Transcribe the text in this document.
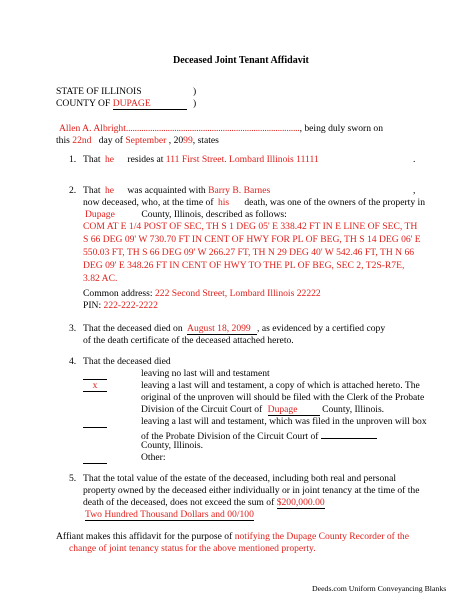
Deceased Joint Tenant Affidavit
STATE OF ILLINOIS	)
COUNTY OF DUPAGE	)
Allen A. Albright..............................................................................., being duly sworn on
this 22nd day of September , 2099, states
1. That he resides at 111 First Street. Lombard Illinois 11111	.
2. That he was acquainted with Barry B. Barnes	,
now deceased, who, at the time of his death, was one of the owners of the property in
Dupage	County, Illinois, described as follows:
COM AT E 1/4 POST OF SEC, TH S 1 DEG 05' E 338.42 FT IN E LINE OF SEC, TH
S 66 DEG 09' W 730.70 FT IN CENT OF HWY FOR PL OF BEG, TH S 14 DEG 06' E
550.03 FT, TH S 66 DEG 09' W 266.27 FT, TH N 29 DEG 40' W 542.46 FT, TH N 66
DEG 09' E 348.26 FT IN CENT OF HWY TO THE PL OF BEG, SEC 2, T2S-R7E,
3.82 AC.
Common address: 222 Second Street, Lombard Illinois 22222
PIN: 222-222-2222
3. That the deceased died on August 18, 2099 , as evidenced by a certified copy
of the death certificate of the deceased attached hereto.
4. That the deceased died
leaving no last will and testament
x	leaving a last will and testament, a copy of which is attached hereto. The
original of the unproven will should be filed with the Clerk of the Probate
Division of the Circuit Court of Dupage	County, Illinois.
leaving a last will and testament, which was filed in the unproven will box
of the Probate Division of the Circuit Court of
County, Illinois.
Other:
5. That the total value of the estate of the deceased, including both real and personal
property owned by the deceased either individually or in joint tenancy at the time of the
death of the deceased, does not exceed the sum of $200,000.00
Two Hundred Thousand Dollars and 00/100
Affiant makes this affidavit for the purpose of notifying the Dupage County Recorder of the
change of joint tenancy status for the above mentioned property.
Deeds.com Uniform Conveyancing Blanks
